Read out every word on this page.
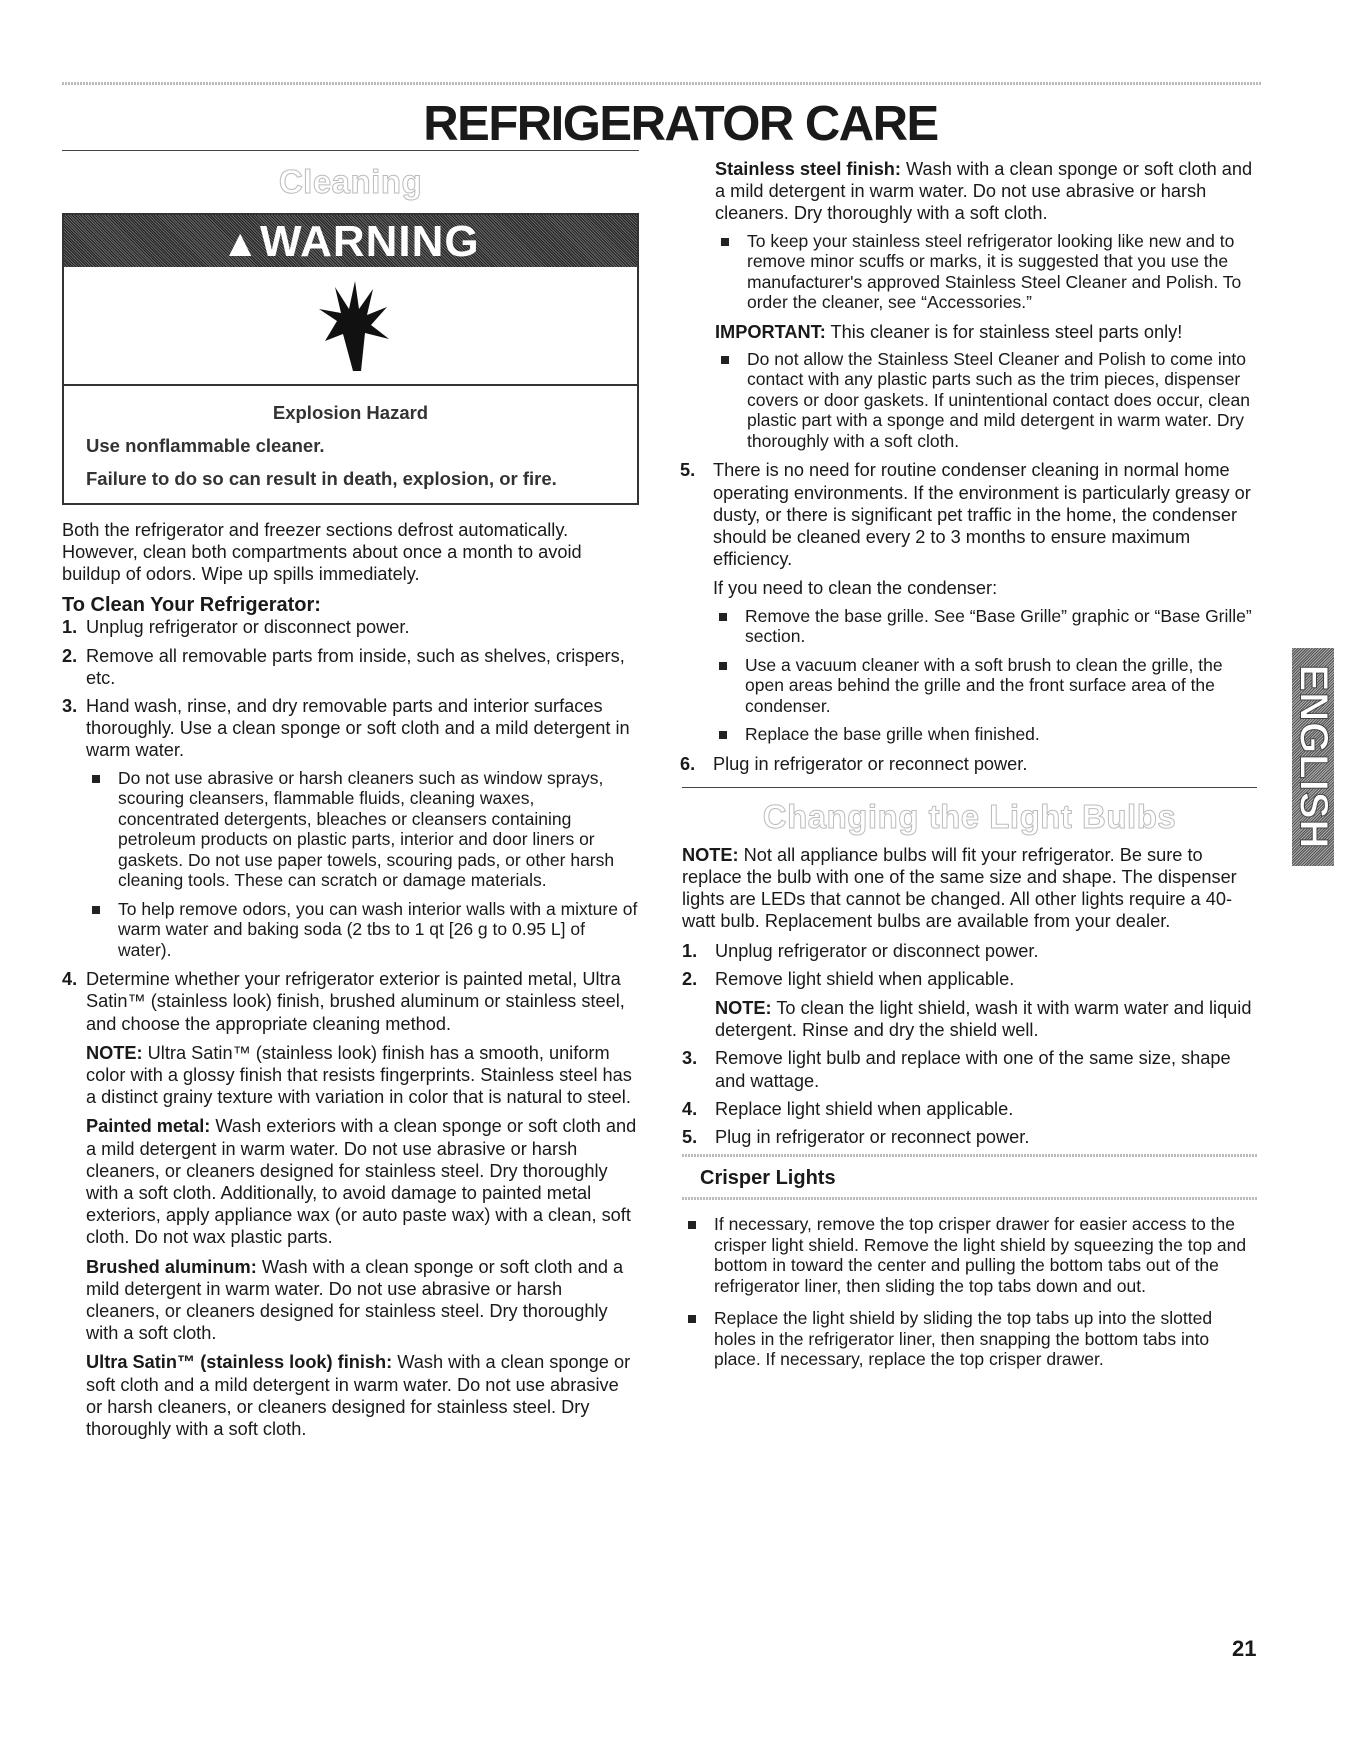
REFRIGERATOR CARE
Cleaning
▲WARNING

Explosion Hazard

Use nonflammable cleaner.

Failure to do so can result in death, explosion, or fire.

Both the refrigerator and freezer sections defrost automatically. However, clean both compartments about once a month to avoid buildup of odors. Wipe up spills immediately.

To Clean Your Refrigerator:
1. Unplug refrigerator or disconnect power.
2. Remove all removable parts from inside, such as shelves, crispers, etc.
3. Hand wash, rinse, and dry removable parts and interior surfaces thoroughly. Use a clean sponge or soft cloth and a mild detergent in warm water.
Do not use abrasive or harsh cleaners such as window sprays, scouring cleansers, flammable fluids, cleaning waxes, concentrated detergents, bleaches or cleansers containing petroleum products on plastic parts, interior and door liners or gaskets. Do not use paper towels, scouring pads, or other harsh cleaning tools. These can scratch or damage materials.
To help remove odors, you can wash interior walls with a mixture of warm water and baking soda (2 tbs to 1 qt [26 g to 0.95 L] of water).
4. Determine whether your refrigerator exterior is painted metal, Ultra Satin™ (stainless look) finish, brushed aluminum or stainless steel, and choose the appropriate cleaning method.

NOTE: Ultra Satin™ (stainless look) finish has a smooth, uniform color with a glossy finish that resists fingerprints. Stainless steel has a distinct grainy texture with variation in color that is natural to steel.

Painted metal: Wash exteriors with a clean sponge or soft cloth and a mild detergent in warm water. Do not use abrasive or harsh cleaners, or cleaners designed for stainless steel. Dry thoroughly with a soft cloth. Additionally, to avoid damage to painted metal exteriors, apply appliance wax (or auto paste wax) with a clean, soft cloth. Do not wax plastic parts.

Brushed aluminum: Wash with a clean sponge or soft cloth and a mild detergent in warm water. Do not use abrasive or harsh cleaners, or cleaners designed for stainless steel. Dry thoroughly with a soft cloth.

Ultra Satin™ (stainless look) finish: Wash with a clean sponge or soft cloth and a mild detergent in warm water. Do not use abrasive or harsh cleaners, or cleaners designed for stainless steel. Dry thoroughly with a soft cloth.

Stainless steel finish: Wash with a clean sponge or soft cloth and a mild detergent in warm water. Do not use abrasive or harsh cleaners. Dry thoroughly with a soft cloth.

To keep your stainless steel refrigerator looking like new and to remove minor scuffs or marks, it is suggested that you use the manufacturer's approved Stainless Steel Cleaner and Polish. To order the cleaner, see “Accessories.”

IMPORTANT: This cleaner is for stainless steel parts only!

Do not allow the Stainless Steel Cleaner and Polish to come into contact with any plastic parts such as the trim pieces, dispenser covers or door gaskets. If unintentional contact does occur, clean plastic part with a sponge and mild detergent in warm water. Dry thoroughly with a soft cloth.
5. There is no need for routine condenser cleaning in normal home operating environments. If the environment is particularly greasy or dusty, or there is significant pet traffic in the home, the condenser should be cleaned every 2 to 3 months to ensure maximum efficiency.

If you need to clean the condenser:

Remove the base grille. See “Base Grille” graphic or “Base Grille” section.
Use a vacuum cleaner with a soft brush to clean the grille, the open areas behind the grille and the front surface area of the condenser.
Replace the base grille when finished.
6. Plug in refrigerator or reconnect power.
Changing the Light Bulbs

NOTE: Not all appliance bulbs will fit your refrigerator. Be sure to replace the bulb with one of the same size and shape. The dispenser lights are LEDs that cannot be changed. All other lights require a 40-watt bulb. Replacement bulbs are available from your dealer.

1. Unplug refrigerator or disconnect power.
2. Remove light shield when applicable.

NOTE: To clean the light shield, wash it with warm water and liquid detergent. Rinse and dry the shield well.

3. Remove light bulb and replace with one of the same size, shape and wattage.
4. Replace light shield when applicable.
5. Plug in refrigerator or reconnect power.
Crisper Lights
If necessary, remove the top crisper drawer for easier access to the crisper light shield. Remove the light shield by squeezing the top and bottom in toward the center and pulling the bottom tabs out of the refrigerator liner, then sliding the top tabs down and out.
Replace the light shield by sliding the top tabs up into the slotted holes in the refrigerator liner, then snapping the bottom tabs into place. If necessary, replace the top crisper drawer.
ENGLISH
21
